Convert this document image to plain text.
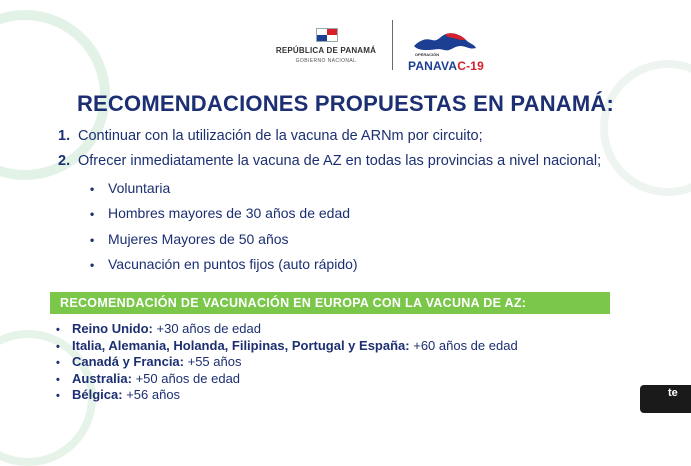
REPÚBLICA DE PANAMÁ
GOBIERNO NACIONAL
OPERACIÓN
PANAVAC-19
RECOMENDACIONES PROPUESTAS EN PANAMÁ:
1. Continuar con la utilización de la vacuna de ARNm por circuito;
2. Ofrecer inmediatamente la vacuna de AZ en todas las provincias a nivel nacional;
• Voluntaria
• Hombres mayores de 30 años de edad
• Mujeres Mayores de 50 años
• Vacunación en puntos fijos (auto rápido)
RECOMENDACIÓN DE VACUNACIÓN EN EUROPA CON LA VACUNA DE AZ:
• Reino Unido: +30 años de edad
• Italia, Alemania, Holanda, Filipinas, Portugal y España: +60 años de edad
• Canadá y Francia: +55 años
• Australia: +50 años de edad
• Bélgica: +56 años	te
